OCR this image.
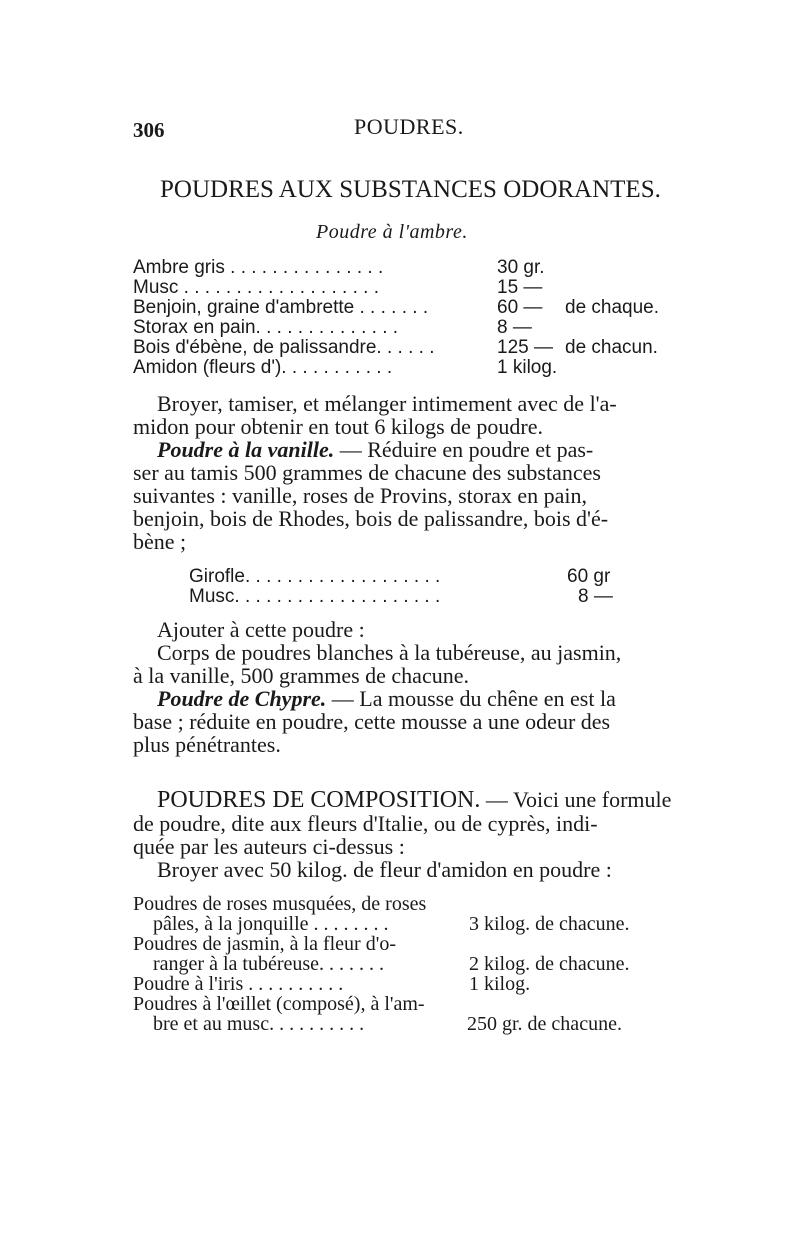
306	POUDRES.
POUDRES AUX SUBSTANCES ODORANTES.
Poudre à l'ambre.
Ambre gris . . . . . . . . . . . . . . .	30 gr.
Musc . . . . . . . . . . . . . . . . . . .	15 —
Benjoin, graine d'ambrette . . . . . . .	60 — de chaque.
Storax en pain. . . . . . . . . . . . . .	8 —
Bois d'ébène, de palissandre. . . . . .	125 — de chacun.
Amidon (fleurs d'). . . . . . . . . . .	1 kilog.
Broyer, tamiser, et mélanger intimement avec de l'a-
midon pour obtenir en tout 6 kilogs de poudre.
Poudre à la vanille. — Réduire en poudre et pas-
ser au tamis 500 grammes de chacune des substances
suivantes : vanille, roses de Provins, storax en pain,
benjoin, bois de Rhodes, bois de palissandre, bois d'é-
bène ;
Girofle. . . . . . . . . . . . . . . . . . .	60 gr
Musc. . . . . . . . . . . . . . . . . . . .	8 —
Ajouter à cette poudre :
Corps de poudres blanches à la tubéreuse, au jasmin,
à la vanille, 500 grammes de chacune.
Poudre de Chypre. — La mousse du chêne en est la
base ; réduite en poudre, cette mousse a une odeur des
plus pénétrantes.
POUDRES DE COMPOSITION. — Voici une formule
de poudre, dite aux fleurs d'Italie, ou de cyprès, indi-
quée par les auteurs ci-dessus :
Broyer avec 50 kilog. de fleur d'amidon en poudre :
Poudres de roses musquées, de roses
pâles, à la jonquille . . . . . . . .	3 kilog. de chacune.
Poudres de jasmin, à la fleur d'o-
ranger à la tubéreuse. . . . . . .	2 kilog. de chacune.
Poudre à l'iris . . . . . . . . . .	1 kilog.
Poudres à l'œillet (composé), à l'am-
bre et au musc. . . . . . . . . .	250 gr. de chacune.
